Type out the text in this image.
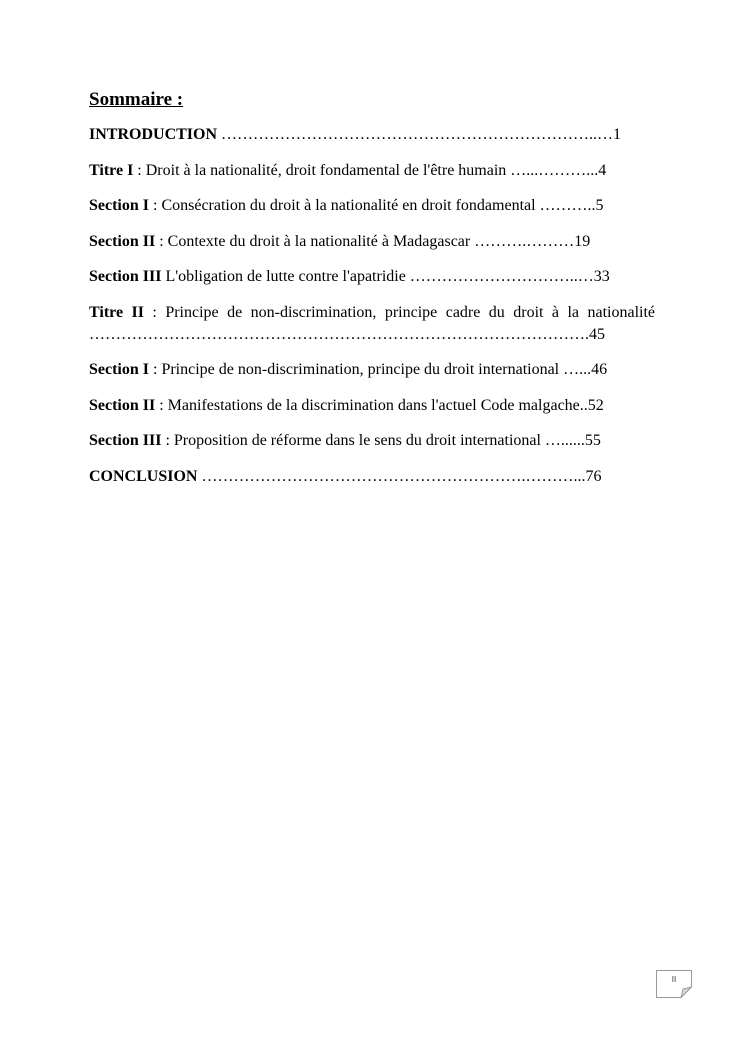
Sommaire :
INTRODUCTION ……………………………………………………………..…1
Titre I : Droit à la nationalité, droit fondamental de l'être humain …...………...4
Section I : Consécration du droit à la nationalité en droit fondamental ………..5
Section II : Contexte du droit à la nationalité à Madagascar ……….………19
Section III L'obligation de lutte contre l'apatridie …………………………..…33
Titre II : Principe de non-discrimination, principe cadre du droit à la nationalité ………………………………………………………………………………….45
Section I : Principe de non-discrimination, principe du droit international …...46
Section II : Manifestations de la discrimination dans l'actuel Code malgache..52
Section III : Proposition de réforme dans le sens du droit international …......55
CONCLUSION …………………………………………………….………...76
II
